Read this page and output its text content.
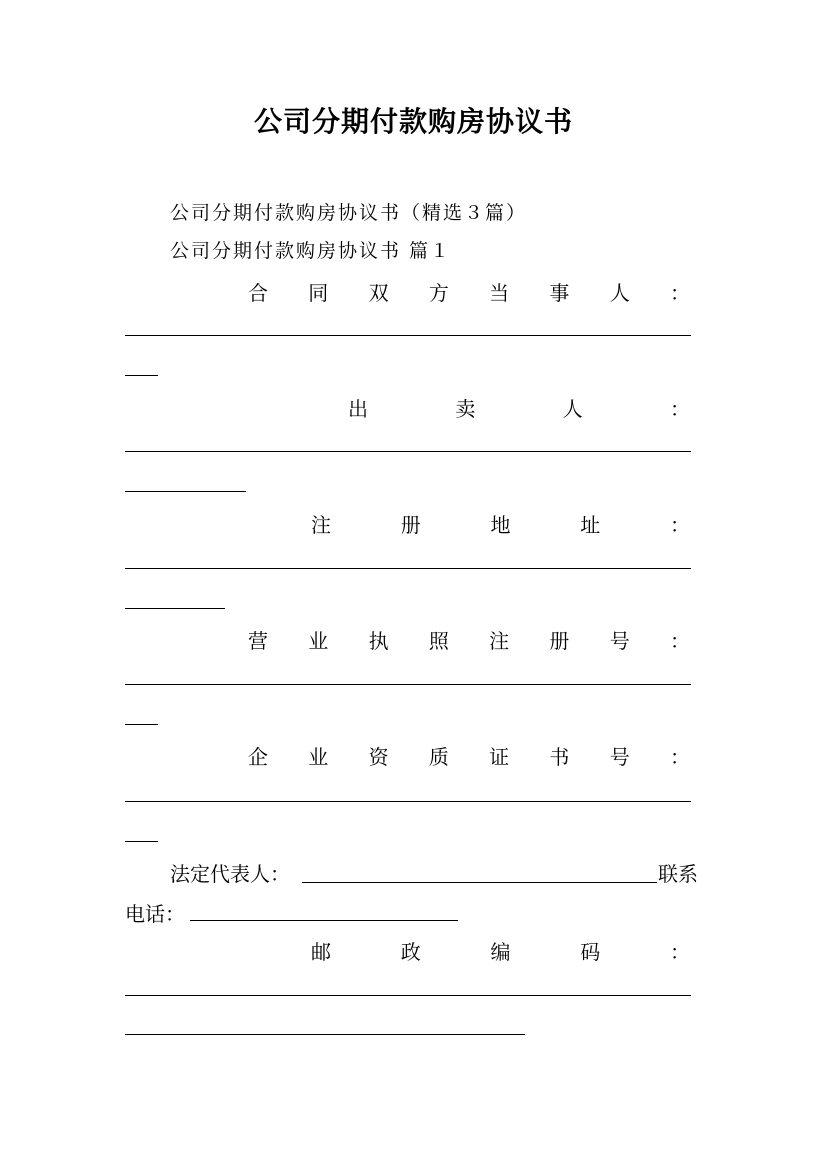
公司分期付款购房协议书
公司分期付款购房协议书（精选３篇）
公司分期付款购房协议书 篇１
合 同 双 方 当 事 人 ：
出	卖	人	：
注	册	地	址	：
营 业 执 照 注 册 号 ：
企 业 资 质 证 书 号 ：
法定代表人：	联系
电话：
邮	政	编	码	：
